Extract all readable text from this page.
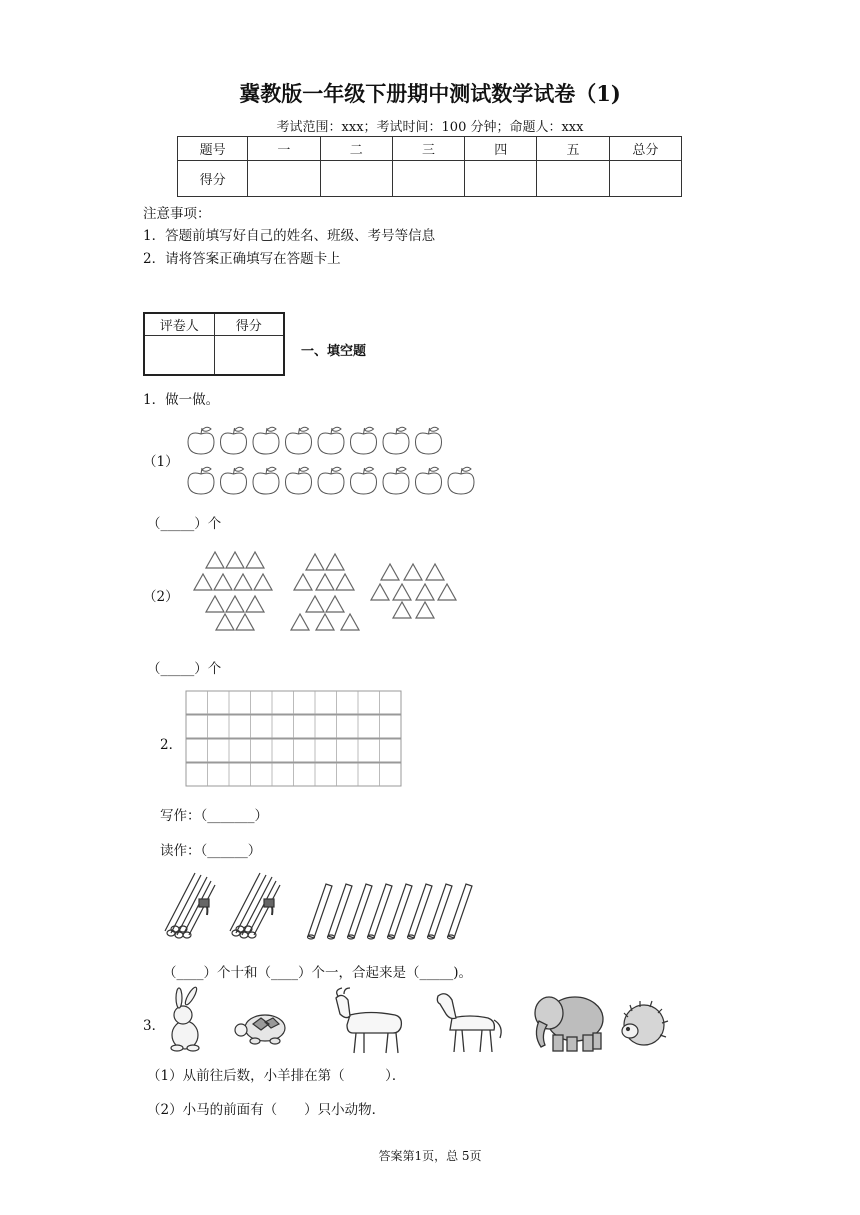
冀教版一年级下册期中测试数学试卷（1)
考试范围：xxx；考试时间：100 分钟；命题人：xxx
题号	一	二	三	四	五	总分
得分						
注意事项：
1．答题前填写好自己的姓名、班级、考号等信息
2．请将答案正确填写在答题卡上
评卷人	得分

一、填空题
1．做一做。
（1）
（_____）个
（2）
（_____）个
2．
写作：（_______）
读作：（______）
（____）个十和（____）个一，合起来是（_____)。
3．
（1）从前往后数，小羊排在第（　　　）．
（2）小马的前面有（　　）只小动物．
答案第1页，总 5页
